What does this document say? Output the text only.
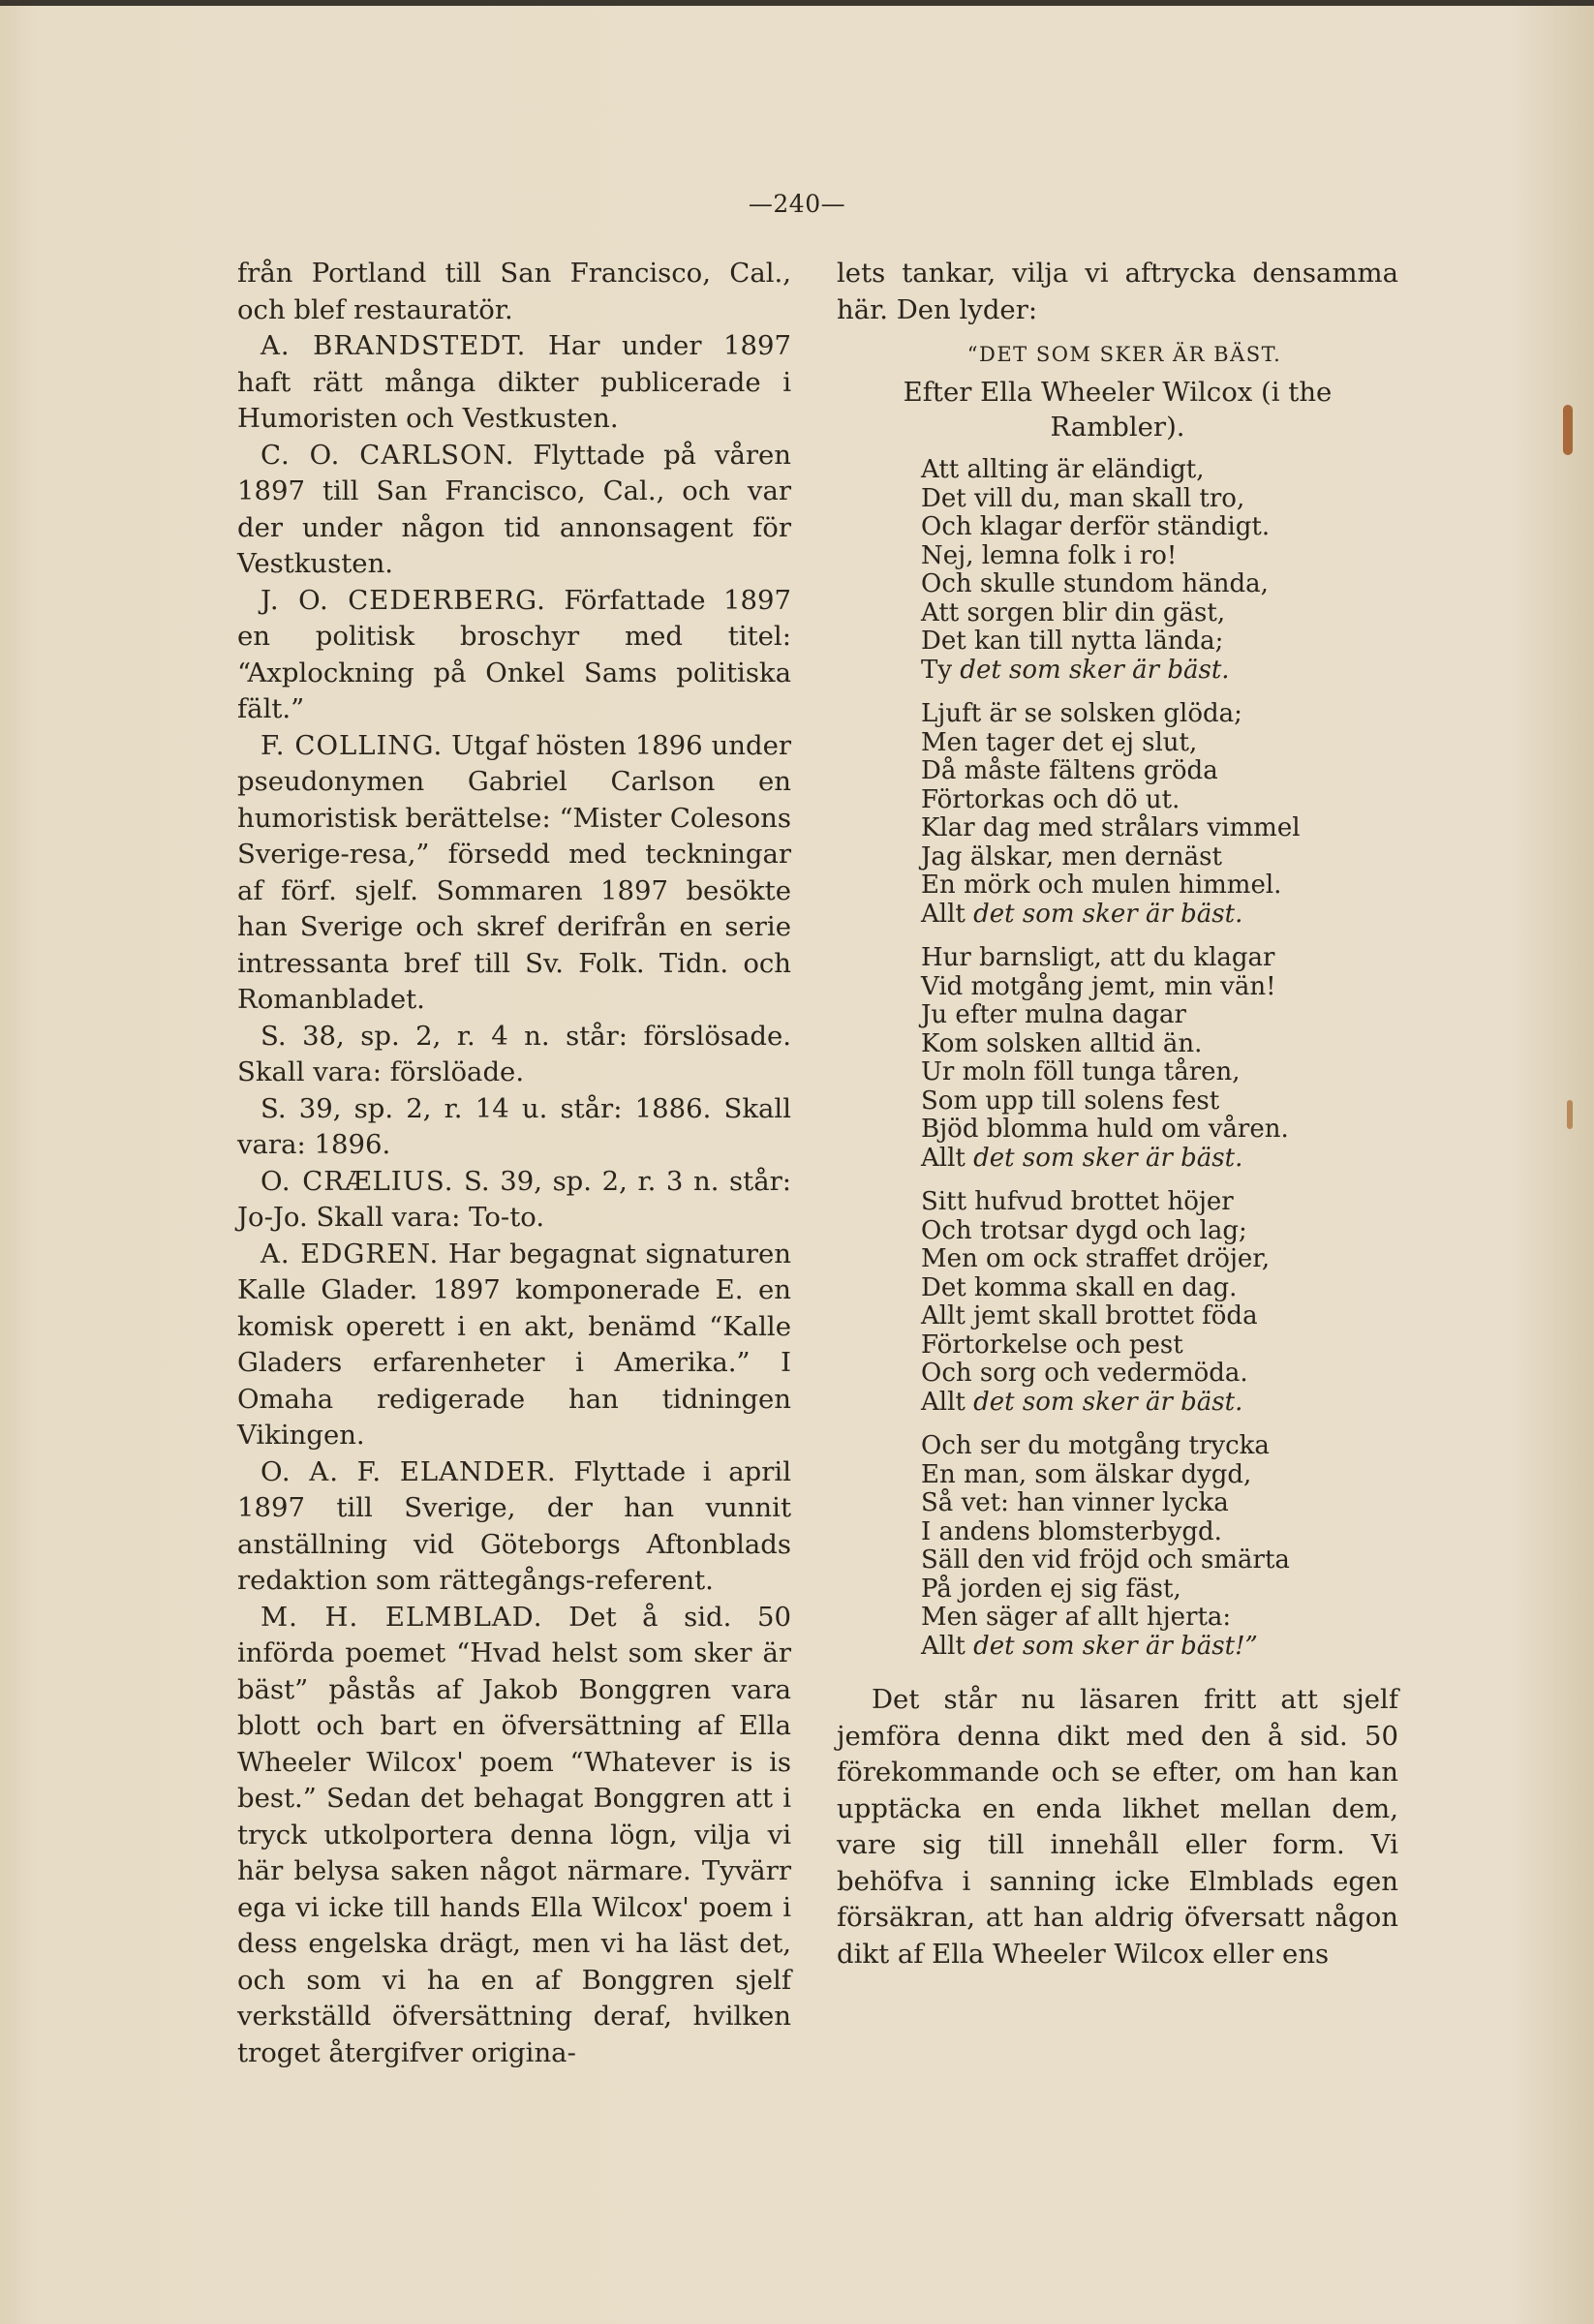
—240—
från Portland till San Francisco, Cal., och blef restauratör.
A. BRANDSTEDT. Har under 1897 haft rätt många dikter publicerade i Humoristen och Vestkusten.
C. O. CARLSON. Flyttade på våren 1897 till San Francisco, Cal., och var der under någon tid annonsagent för Vestkusten.
J. O. CEDERBERG. Författade 1897 en politisk broschyr med titel: “Axplockning på Onkel Sams politiska fält.”
F. COLLING. Utgaf hösten 1896 under pseudonymen Gabriel Carlson en humoristisk berättelse: “Mister Colesons Sverige-resa,” försedd med teckningar af förf. sjelf. Sommaren 1897 besökte han Sverige och skref derifrån en serie intressanta bref till Sv. Folk. Tidn. och Romanbladet.
S. 38, sp. 2, r. 4 n. står: förslösade. Skall vara: förslöade.
S. 39, sp. 2, r. 14 u. står: 1886. Skall vara: 1896.
O. CRÆLIUS. S. 39, sp. 2, r. 3 n. står: Jo-Jo. Skall vara: To-to.
A. EDGREN. Har begagnat signaturen Kalle Glader. 1897 komponerade E. en komisk operett i en akt, benämd “Kalle Gladers erfarenheter i Amerika.” I Omaha redigerade han tidningen Vikingen.
O. A. F. ELANDER. Flyttade i april 1897 till Sverige, der han vunnit anställning vid Göteborgs Aftonblads redaktion som rättegångs-referent.
M. H. ELMBLAD. Det å sid. 50 införda poemet “Hvad helst som sker är bäst” påstås af Jakob Bonggren vara blott och bart en öfversättning af Ella Wheeler Wilcox' poem “Whatever is is best.” Sedan det behagat Bonggren att i tryck utkolportera denna lögn, vilja vi här belysa saken något närmare. Tyvärr ega vi icke till hands Ella Wilcox' poem i dess engelska drägt, men vi ha läst det, och som vi ha en af Bonggren sjelf verkställd öfversättning deraf, hvilken troget återgifver origina-
lets tankar, vilja vi aftrycka densamma här. Den lyder:
“DET SOM SKER ÄR BÄST.
Efter Ella Wheeler Wilcox (i the Rambler).
Att allting är eländigt,
Det vill du, man skall tro,
Och klagar derför ständigt.
Nej, lemna folk i ro!
Och skulle stundom hända,
Att sorgen blir din gäst,
Det kan till nytta lända;
Ty det som sker är bäst.
Ljuft är se solsken glöda;
Men tager det ej slut,
Då måste fältens gröda
Förtorkas och dö ut.
Klar dag med strålars vimmel
Jag älskar, men dernäst
En mörk och mulen himmel.
Allt det som sker är bäst.
Hur barnsligt, att du klagar
Vid motgång jemt, min vän!
Ju efter mulna dagar
Kom solsken alltid än.
Ur moln föll tunga tåren,
Som upp till solens fest
Bjöd blomma huld om våren.
Allt det som sker är bäst.
Sitt hufvud brottet höjer
Och trotsar dygd och lag;
Men om ock straffet dröjer,
Det komma skall en dag.
Allt jemt skall brottet föda
Förtorkelse och pest
Och sorg och vedermöda.
Allt det som sker är bäst.
Och ser du motgång trycka
En man, som älskar dygd,
Så vet: han vinner lycka
I andens blomsterbygd.
Säll den vid fröjd och smärta
På jorden ej sig fäst,
Men säger af allt hjerta:
Allt det som sker är bäst!”
Det står nu läsaren fritt att sjelf jemföra denna dikt med den å sid. 50 förekommande och se efter, om han kan upptäcka en enda likhet mellan dem, vare sig till innehåll eller form. Vi behöfva i sanning icke Elmblads egen försäkran, att han aldrig öfversatt någon dikt af Ella Wheeler Wilcox eller ens
